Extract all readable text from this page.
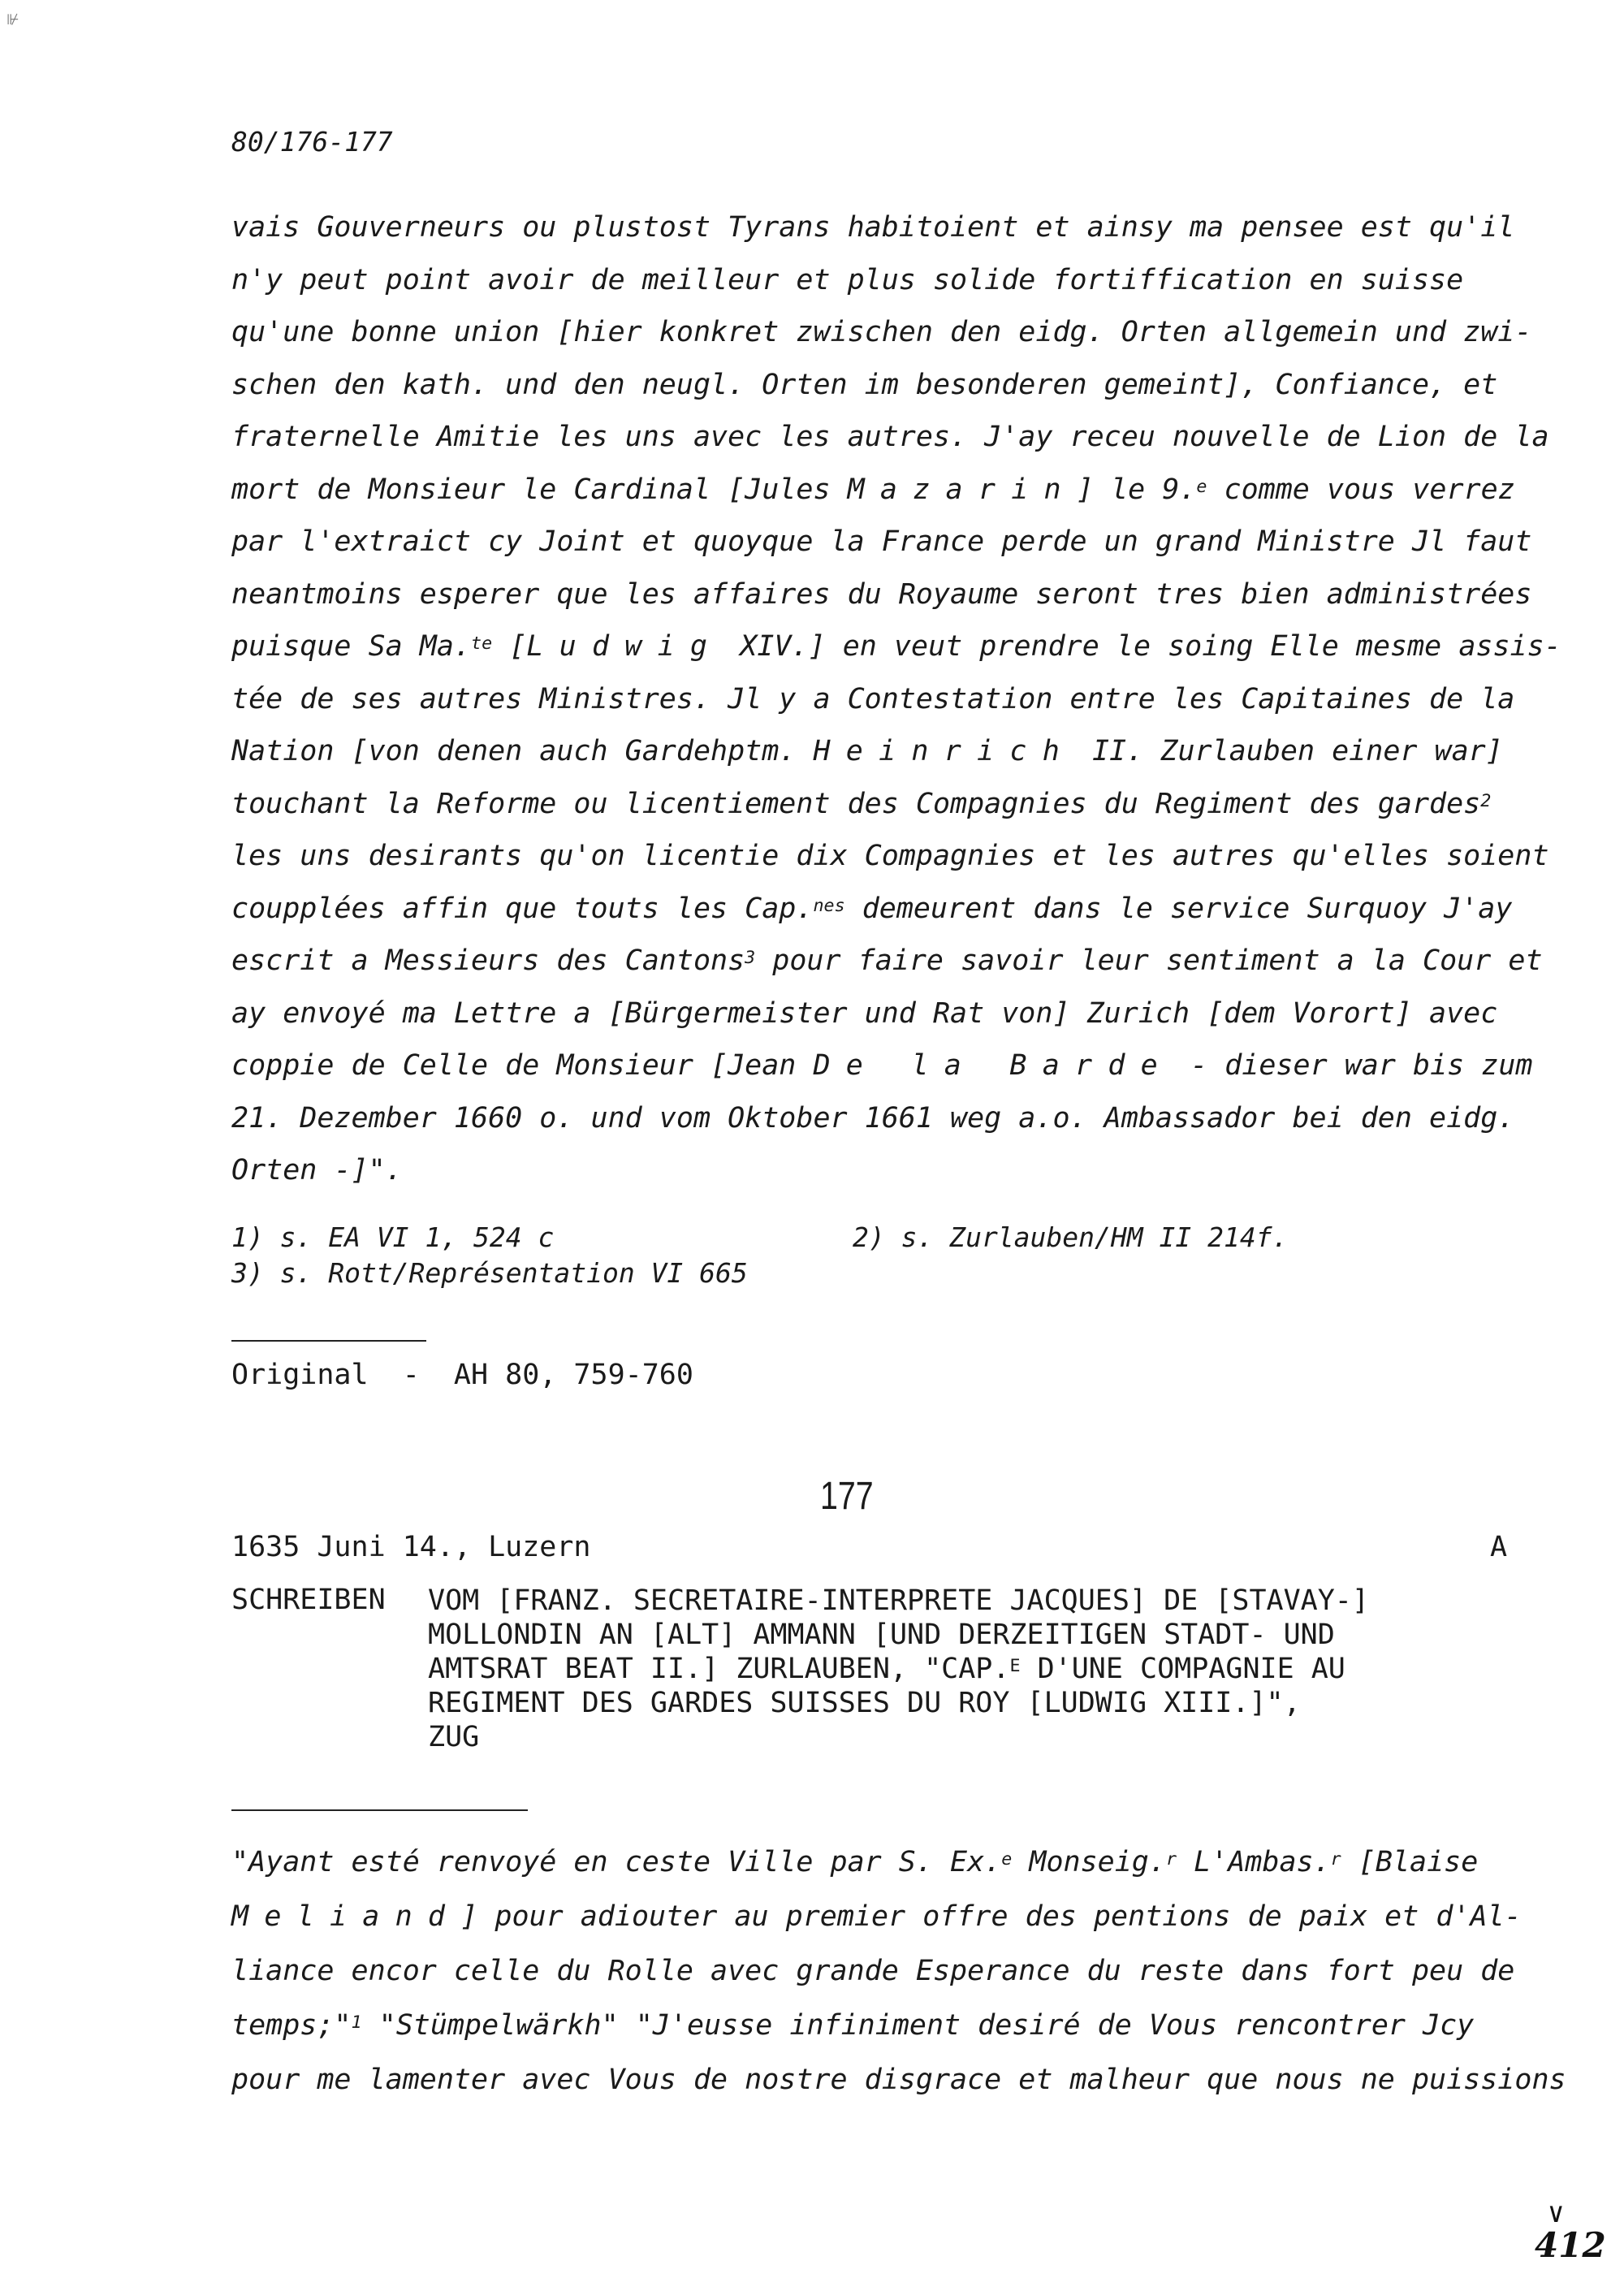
⊮
80/176-177
vais Gouverneurs ou plustost Tyrans habitoient et ainsy ma pensee est qu'il
n'y peut point avoir de meilleur et plus solide fortiffication en suisse
qu'une bonne union [hier konkret zwischen den eidg. Orten allgemein und zwi-
schen den kath. und den neugl. Orten im besonderen gemeint], Confiance, et
fraternelle Amitie les uns avec les autres. J'ay receu nouvelle de Lion de la
mort de Monsieur le Cardinal [Jules Mazarin] le 9.$^e$ comme vous verrez
par l'extraict cy Joint et quoyque la France perde un grand Ministre Jl faut
neantmoins esperer que les affaires du Royaume seront tres bien administrées
puisque Sa Ma.$^{te}$ [Ludwig XIV.] en veut prendre le soing Elle mesme assis-
tée de ses autres Ministres. Jl y a Contestation entre les Capitaines de la
Nation [von denen auch Gardehptm. Heinrich II. Zurlauben einer war]
touchant la Reforme ou licentiement des Compagnies du Regiment des gardes$^2$
les uns desirants qu'on licentie dix Compagnies et les autres qu'elles soient
coupplées affin que touts les Cap.$^{nes}$ demeurent dans le service Surquoy J'ay
escrit a Messieurs des Cantons$^3$ pour faire savoir leur sentiment a la Cour et
ay envoyé ma Lettre a [Bürgermeister und Rat von] Zurich [dem Vorort] avec
coppie de Celle de Monsieur [Jean De la Barde - dieser war bis zum
21. Dezember 1660 o. und vom Oktober 1661 weg a.o. Ambassador bei den eidg.
Orten -]".
1) s. EA VI 1, 524 c	2) s. Zurlauben/HM II 214f.
3) s. Rott/Représentation VI 665
Original  -  AH 80, 759-760
177
1635 Juni 14., Luzern	A
SCHREIBEN VOM [FRANZ. SECRETAIRE-INTERPRETE JACQUES] DE [STAVAY-]
MOLLONDIN AN [ALT] AMMANN [UND DERZEITIGEN STADT- UND
AMTSRAT BEAT II.] ZURLAUBEN, "CAP.$^E$ D'UNE COMPAGNIE AU
REGIMENT DES GARDES SUISSES DU ROY [LUDWIG XIII.]",
ZUG
"Ayant esté renvoyé en ceste Ville par S. Ex.$^e$ Monseig.$^r$ L'Ambas.$^r$ [Blaise
Meliand] pour adiouter au premier offre des pentions de paix et d'Al-
liance encor celle du Rolle avec grande Esperance du reste dans fort peu de
temps;"$^1$ "Stümpelwärkh" "J'eusse infiniment desiré de Vous rencontrer Jcy
pour me lamenter avec Vous de nostre disgrace et malheur que nous ne puissions
∨
412
